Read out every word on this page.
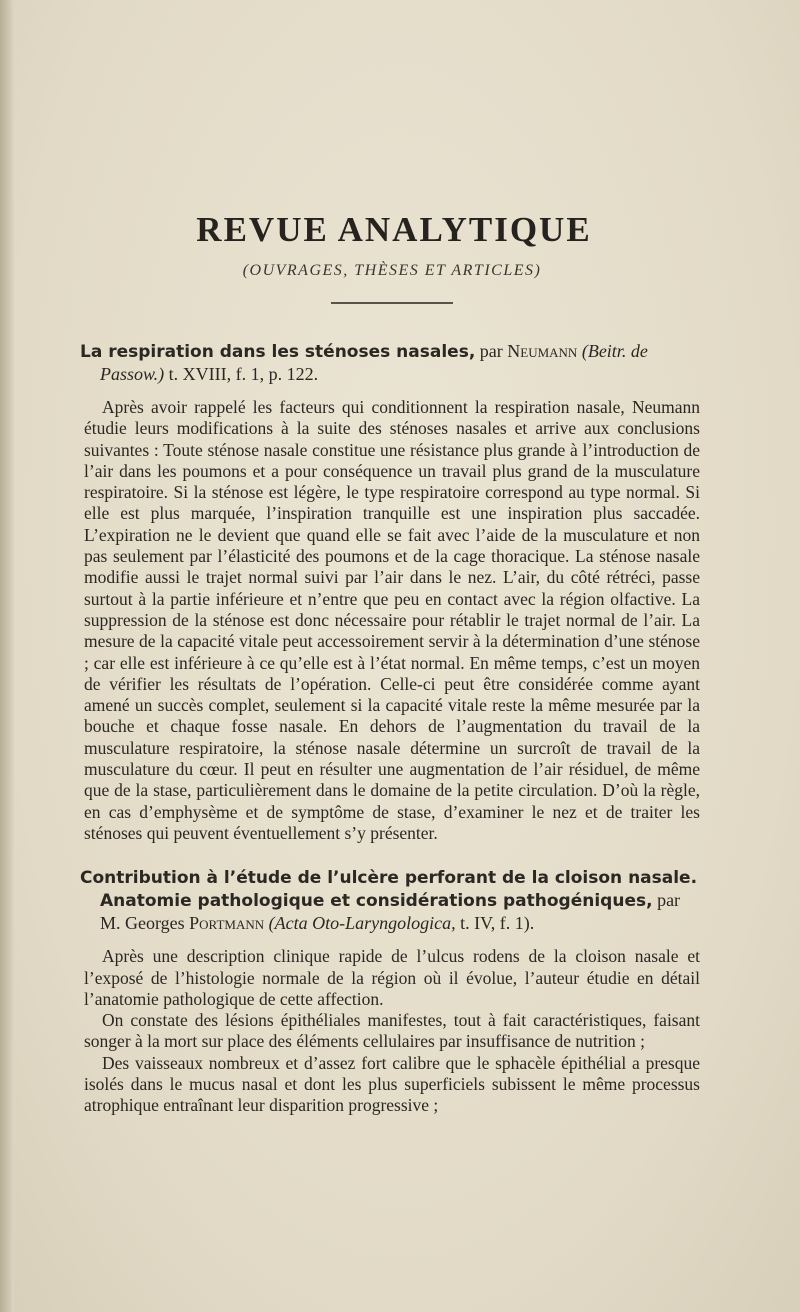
REVUE ANALYTIQUE
(OUVRAGES, THÈSES ET ARTICLES)
La respiration dans les sténoses nasales, par Neumann (Beitr. de Passow.) t. XVIII, f. 1, p. 122.

Après avoir rappelé les facteurs qui conditionnent la respiration nasale, Neumann étudie leurs modifications à la suite des sténoses nasales et arrive aux conclusions suivantes : Toute sténose nasale constitue une résistance plus grande à l’introduction de l’air dans les poumons et a pour conséquence un travail plus grand de la musculature respiratoire. Si la sténose est légère, le type respiratoire correspond au type normal. Si elle est plus marquée, l’inspiration tranquille est une inspiration plus saccadée. L’expiration ne le devient que quand elle se fait avec l’aide de la musculature et non pas seulement par l’élasticité des poumons et de la cage thoracique. La sténose nasale modifie aussi le trajet normal suivi par l’air dans le nez. L’air, du côté rétréci, passe surtout à la partie inférieure et n’entre que peu en contact avec la région olfactive. La suppression de la sténose est donc nécessaire pour rétablir le trajet normal de l’air. La mesure de la capacité vitale peut accessoirement servir à la détermination d’une sténose ; car elle est inférieure à ce qu’elle est à l’état normal. En même temps, c’est un moyen de vérifier les résultats de l’opération. Celle-ci peut être considérée comme ayant amené un succès complet, seulement si la capacité vitale reste la même mesurée par la bouche et chaque fosse nasale. En dehors de l’augmentation du travail de la musculature respiratoire, la sténose nasale détermine un surcroît de travail de la musculature du cœur. Il peut en résulter une augmentation de l’air résiduel, de même que de la stase, particulièrement dans le domaine de la petite circulation. D’où la règle, en cas d’emphysème et de symptôme de stase, d’examiner le nez et de traiter les sténoses qui peuvent éventuellement s’y présenter.

Contribution à l’étude de l’ulcère perforant de la cloison nasale. Anatomie pathologique et considérations pathogéniques, par M. Georges Portmann (Acta Oto-Laryngologica, t. IV, f. 1).

Après une description clinique rapide de l’ulcus rodens de la cloison nasale et l’exposé de l’histologie normale de la région où il évolue, l’auteur étudie en détail l’anatomie pathologique de cette affection.

On constate des lésions épithéliales manifestes, tout à fait caractéristiques, faisant songer à la mort sur place des éléments cellulaires par insuffisance de nutrition ;

Des vaisseaux nombreux et d’assez fort calibre que le sphacèle épithélial a presque isolés dans le mucus nasal et dont les plus superficiels subissent le même processus atrophique entraînant leur disparition progressive ;
